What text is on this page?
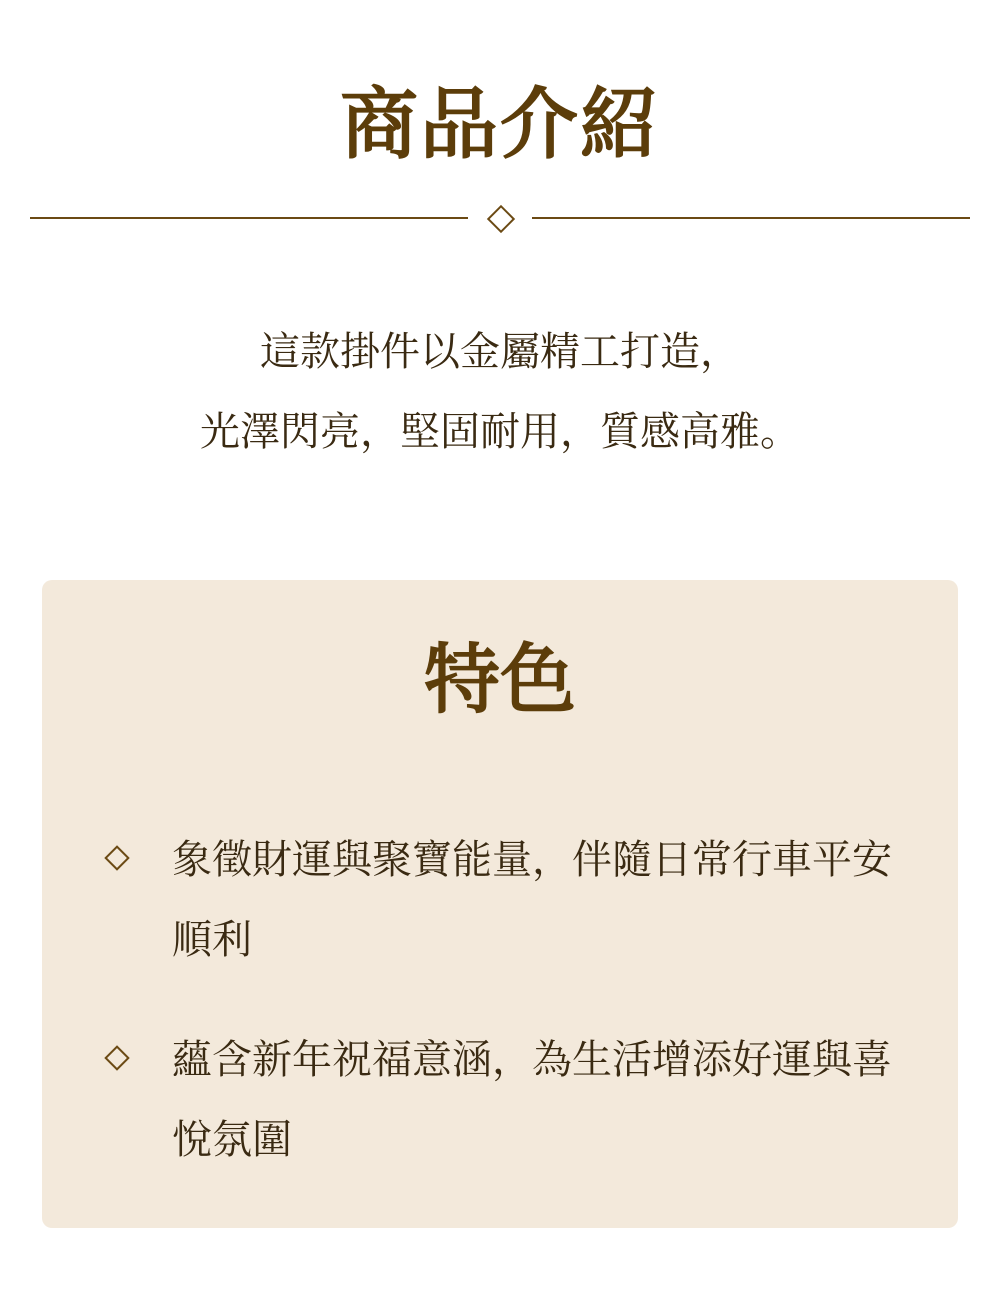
商品介紹
這款掛件以金屬精工打造，
光澤閃亮，堅固耐用，質感高雅。
特色
象徵財運與聚寶能量，伴隨日常行車平安順利
蘊含新年祝福意涵，為生活增添好運與喜悅氛圍
